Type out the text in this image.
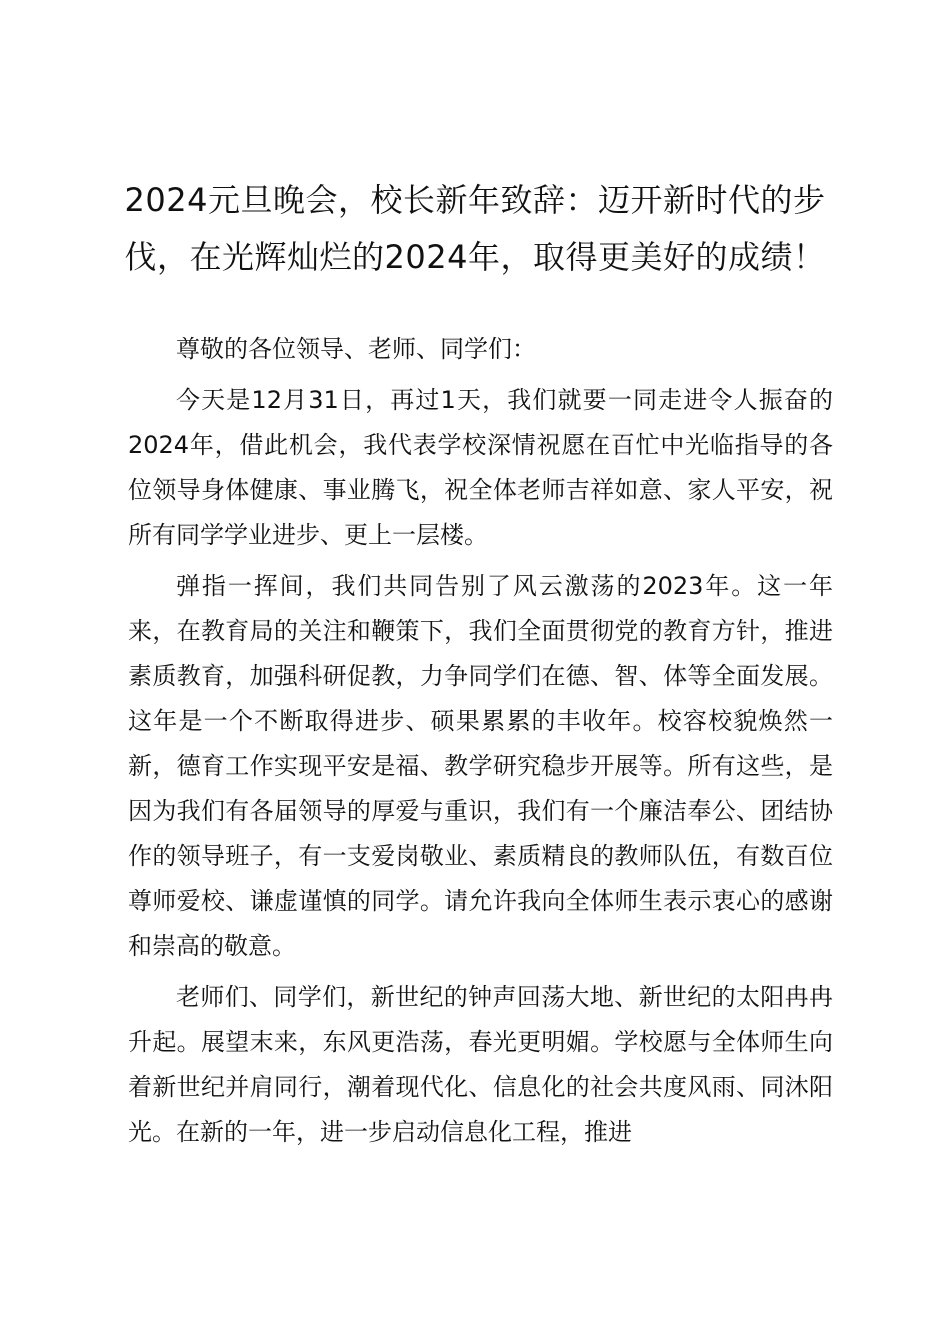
2024元旦晚会，校长新年致辞：迈开新时代的步伐，在光辉灿烂的2024年，取得更美好的成绩！

尊敬的各位领导、老师、同学们：

今天是12月31日，再过1天，我们就要一同走进令人振奋的2024年，借此机会，我代表学校深情祝愿在百忙中光临指导的各位领导身体健康、事业腾飞，祝全体老师吉祥如意、家人平安，祝所有同学学业进步、更上一层楼。

弹指一挥间，我们共同告别了风云激荡的2023年。这一年来，在教育局的关注和鞭策下，我们全面贯彻党的教育方针，推进素质教育，加强科研促教，力争同学们在德、智、体等全面发展。这年是一个不断取得进步、硕果累累的丰收年。校容校貌焕然一新，德育工作实现平安是福、教学研究稳步开展等。所有这些，是因为我们有各届领导的厚爱与重识，我们有一个廉洁奉公、团结协作的领导班子，有一支爱岗敬业、素质精良的教师队伍，有数百位尊师爱校、谦虚谨慎的同学。请允许我向全体师生表示衷心的感谢和崇高的敬意。

老师们、同学们，新世纪的钟声回荡大地、新世纪的太阳冉冉升起。展望末来，东风更浩荡，春光更明媚。学校愿与全体师生向着新世纪并肩同行，潮着现代化、信息化的社会共度风雨、同沐阳光。在新的一年，进一步启动信息化工程，推进
